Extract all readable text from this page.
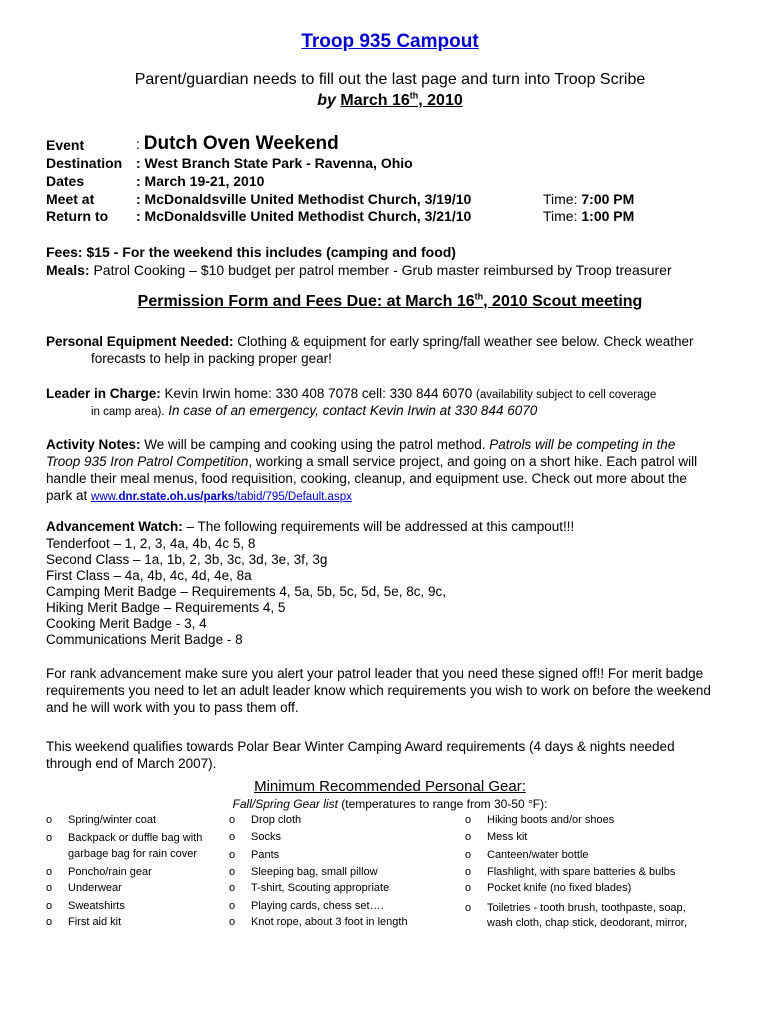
Troop 935 Campout
Parent/guardian needs to fill out the last page and turn into Troop Scribe
by March 16th, 2010
Event	: Dutch Oven Weekend
Destination : West Branch State Park - Ravenna, Ohio
Dates	: March 19-21, 2010
Meet at	: McDonaldsville United Methodist Church, 3/19/10	Time: 7:00 PM
Return to : McDonaldsville United Methodist Church, 3/21/10	Time: 1:00 PM
Fees: $15 - For the weekend this includes (camping and food)
Meals: Patrol Cooking – $10 budget per patrol member - Grub master reimbursed by Troop treasurer
Permission Form and Fees Due: at March 16th, 2010 Scout meeting
Personal Equipment Needed: Clothing & equipment for early spring/fall weather see below. Check weather
forecasts to help in packing proper gear!
Leader in Charge: Kevin Irwin home: 330 408 7078 cell: 330 844 6070 (availability subject to cell coverage
in camp area). In case of an emergency, contact Kevin Irwin at 330 844 6070
Activity Notes: We will be camping and cooking using the patrol method. Patrols will be competing in the
Troop 935 Iron Patrol Competition, working a small service project, and going on a short hike. Each patrol will
handle their meal menus, food requisition, cooking, cleanup, and equipment use. Check out more about the
park at www.dnr.state.oh.us/parks/tabid/795/Default.aspx
Advancement Watch: – The following requirements will be addressed at this campout!!!
Tenderfoot – 1, 2, 3, 4a, 4b, 4c 5, 8
Second Class – 1a, 1b, 2, 3b, 3c, 3d, 3e, 3f, 3g
First Class – 4a, 4b, 4c, 4d, 4e, 8a
Camping Merit Badge – Requirements 4, 5a, 5b, 5c, 5d, 5e, 8c, 9c,
Hiking Merit Badge – Requirements 4, 5
Cooking Merit Badge - 3, 4
Communications Merit Badge - 8
For rank advancement make sure you alert your patrol leader that you need these signed off!! For merit badge
requirements you need to let an adult leader know which requirements you wish to work on before the weekend
and he will work with you to pass them off.
This weekend qualifies towards Polar Bear Winter Camping Award requirements (4 days & nights needed
through end of March 2007).
Minimum Recommended Personal Gear:
Fall/Spring Gear list (temperatures to range from 30-50 °F):
o Spring/winter coat
o Backpack or duffle bag with
garbage bag for rain cover
o Poncho/rain gear
o Underwear
o Sweatshirts
o First aid kit
o Drop cloth
o Socks
o Pants
o Sleeping bag, small pillow
o T-shirt, Scouting appropriate
o Playing cards, chess set….
o Knot rope, about 3 foot in length
o Hiking boots and/or shoes
o Mess kit
o Canteen/water bottle
o Flashlight, with spare batteries & bulbs
o Pocket knife (no fixed blades)
o Toiletries - tooth brush, toothpaste, soap,
wash cloth, chap stick, deodorant, mirror,
